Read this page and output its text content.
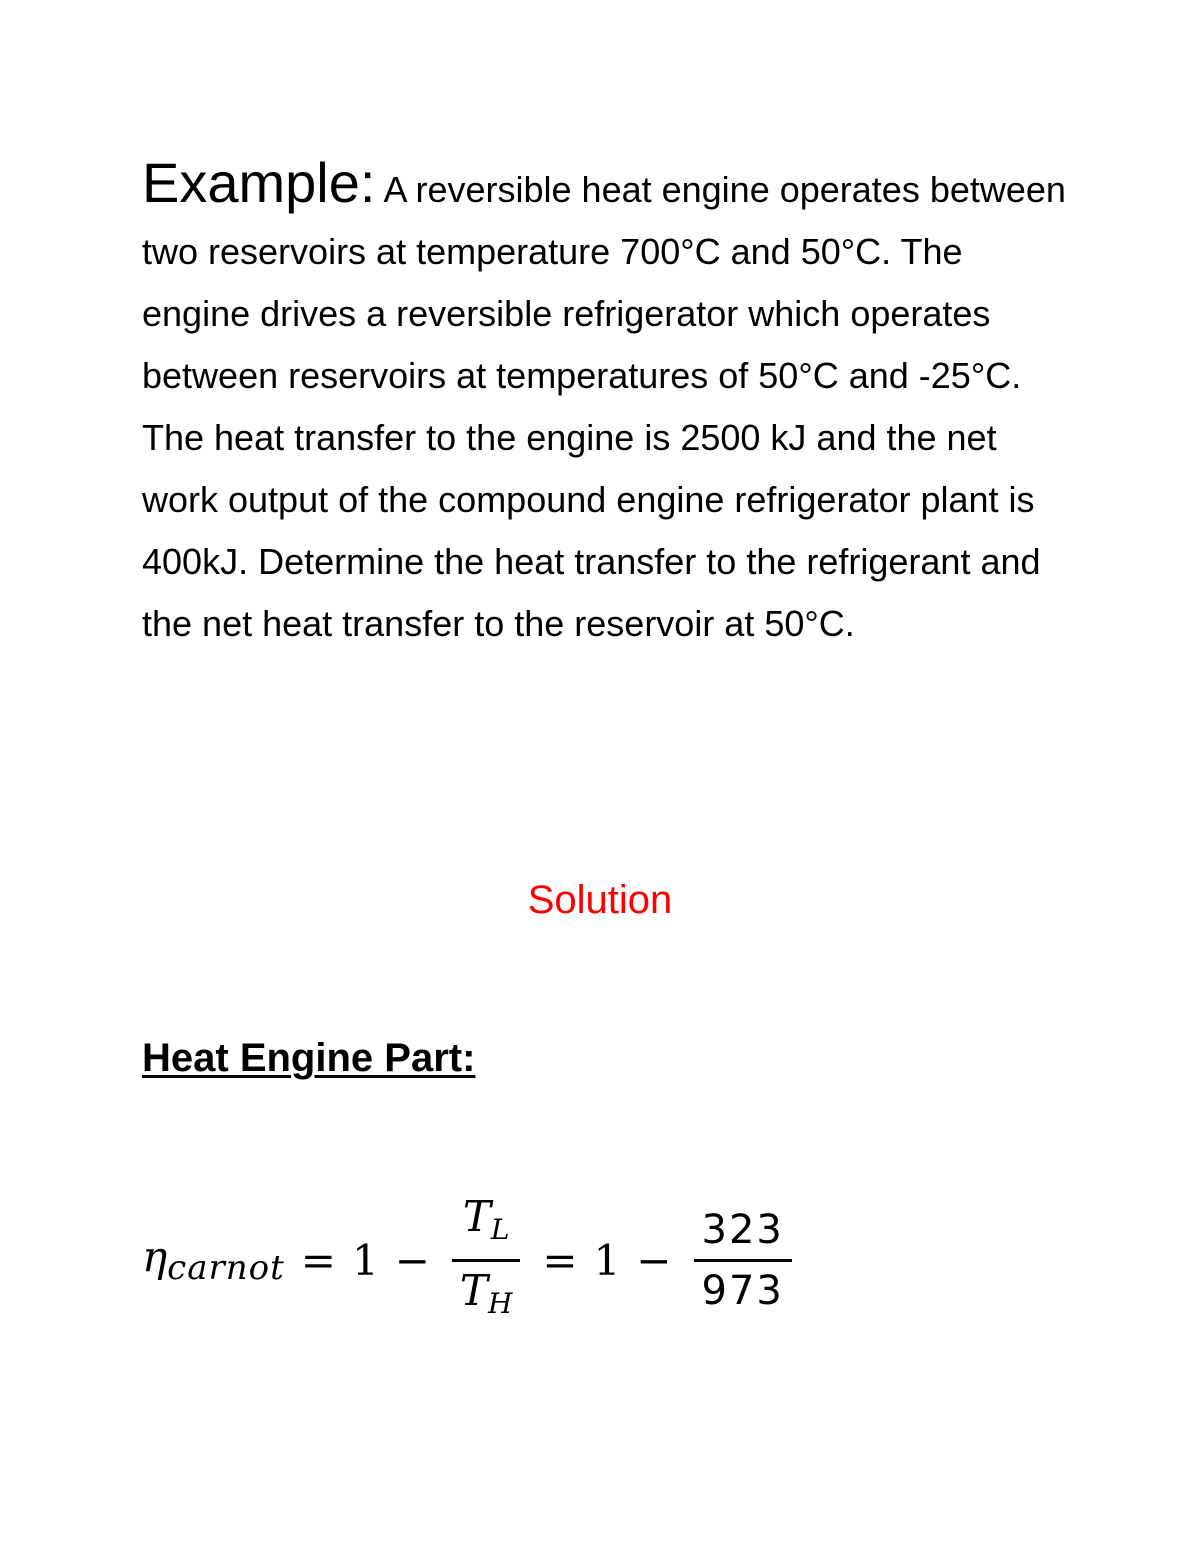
Example: A reversible heat engine operates between two reservoirs at temperature 700°C and 50°C. The engine drives a reversible refrigerator which operates between reservoirs at temperatures of 50°C and -25°C. The heat transfer to the engine is 2500 kJ and the net work output of the compound engine refrigerator plant is 400kJ. Determine the heat transfer to the refrigerant and the net heat transfer to the reservoir at 50°C.

Solution

Heat Engine Part:

$\eta_{carnot} = 1 - \frac{T_L}{T_H} = 1 - \frac{323}{973}$
